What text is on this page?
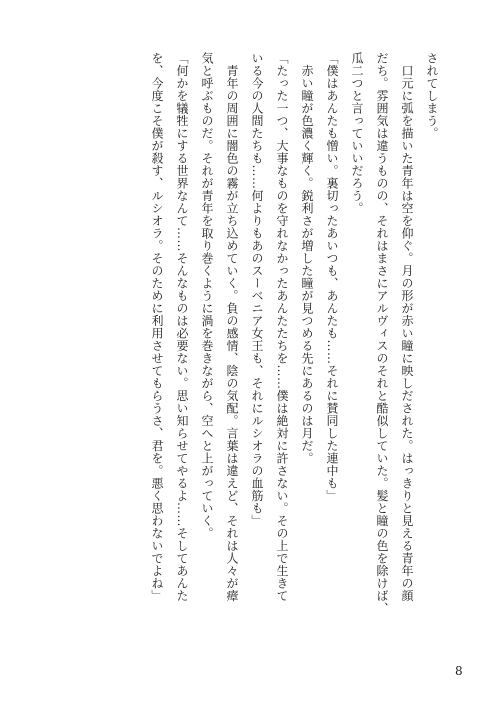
されてしまう。
　口元に弧を描いた青年は空を仰ぐ。月の形が赤い瞳に映しだされた。はっきりと見える青年の顔
だち。雰囲気は違うものの、それはまさにアルヴィスのそれと酷似していた。髪と瞳の色を除けば、
瓜二つと言っていいだろう。
「僕はあんたも憎い。裏切ったあいつも、あんたも……それに賛同した連中も」
　赤い瞳が色濃く輝く。鋭利さが増した瞳が見つめる先にあるのは月だ。
「たった一つ、大事なものを守れなかったあんたたちを……僕は絶対に許さない。その上で生きて
いる今の人間たちも……何よりもあのスーベニア女王も、それにルシオラの血筋も」
　青年の周囲に闇色の霧が立ち込めていく。負の感情、陰の気配。言葉は違えど、それは人々が瘴
気と呼ぶものだ。それが青年を取り巻くように渦を巻きながら、空へと上がっていく。
「何かを犠牲にする世界なんて……そんなものは必要ない。思い知らせてやるよ……そしてあんた
を、今度こそ僕が殺す、ルシオラ。そのために利用させてもらうさ、君を。悪く思わないでよね」
8
